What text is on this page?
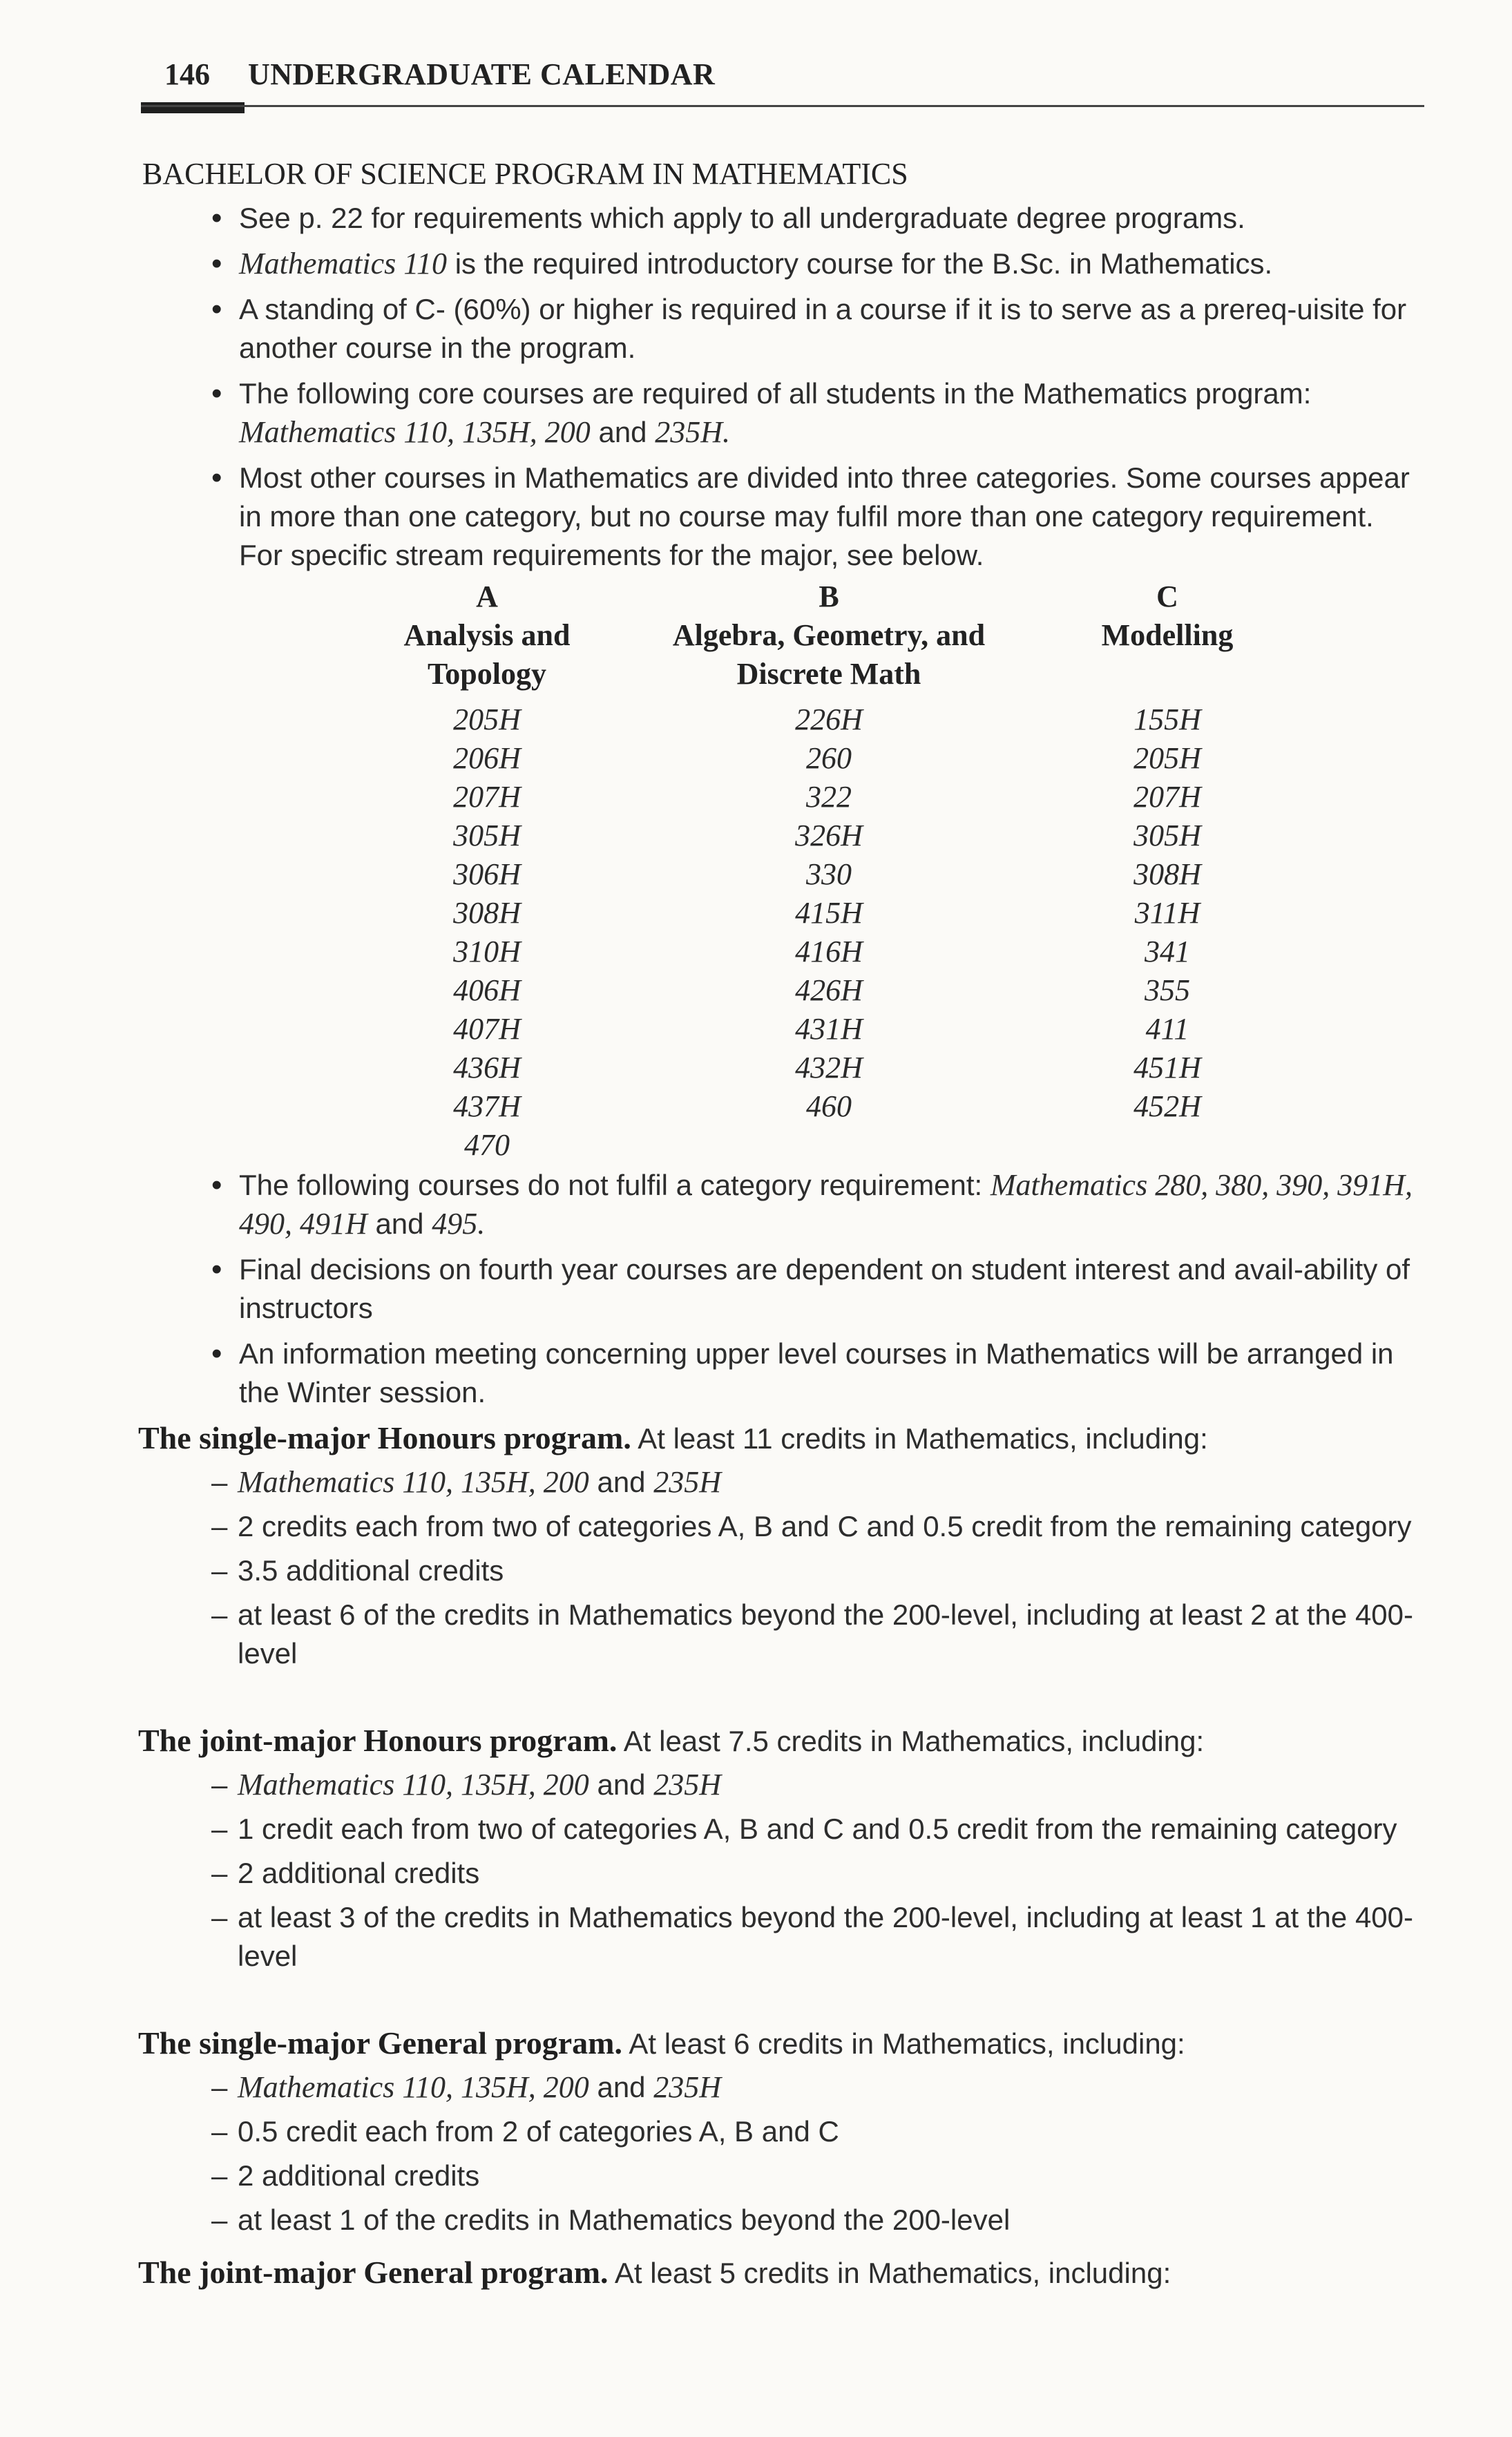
146 UNDERGRADUATE CALENDAR
BACHELOR OF SCIENCE PROGRAM IN MATHEMATICS
• See p. 22 for requirements which apply to all undergraduate degree programs.
• Mathematics 110 is the required introductory course for the B.Sc. in Mathematics.
• A standing of C- (60%) or higher is required in a course if it is to serve as a prereq-uisite for another course in the program.
• The following core courses are required of all students in the Mathematics program:
Mathematics 110, 135H, 200 and 235H.
• Most other courses in Mathematics are divided into three categories. Some courses appear in more than one category, but no course may fulfil more than one category requirement. For specific stream requirements for the major, see below.
A
Analysis and Topology
205H
206H
207H
305H
306H
308H
310H
406H
407H
436H
437H
470
B
Algebra, Geometry, and Discrete Math
226H
260
322
326H
330
415H
416H
426H
431H
432H
460
C
Modelling
155H
205H
207H
305H
308H
311H
341
355
411
451H
452H
• The following courses do not fulfil a category requirement: Mathematics 280, 380, 390, 391H, 490, 491H and 495.
• Final decisions on fourth year courses are dependent on student interest and avail-ability of instructors
• An information meeting concerning upper level courses in Mathematics will be arranged in the Winter session.
The single-major Honours program. At least 11 credits in Mathematics, including:
– Mathematics 110, 135H, 200 and 235H
– 2 credits each from two of categories A, B and C and 0.5 credit from the remaining category
– 3.5 additional credits
– at least 6 of the credits in Mathematics beyond the 200-level, including at least 2 at the 400-level
The joint-major Honours program. At least 7.5 credits in Mathematics, including:
– Mathematics 110, 135H, 200 and 235H
– 1 credit each from two of categories A, B and C and 0.5 credit from the remaining category
– 2 additional credits
– at least 3 of the credits in Mathematics beyond the 200-level, including at least 1 at the 400-level
The single-major General program. At least 6 credits in Mathematics, including:
– Mathematics 110, 135H, 200 and 235H
– 0.5 credit each from 2 of categories A, B and C
– 2 additional credits
– at least 1 of the credits in Mathematics beyond the 200-level
The joint-major General program. At least 5 credits in Mathematics, including:
